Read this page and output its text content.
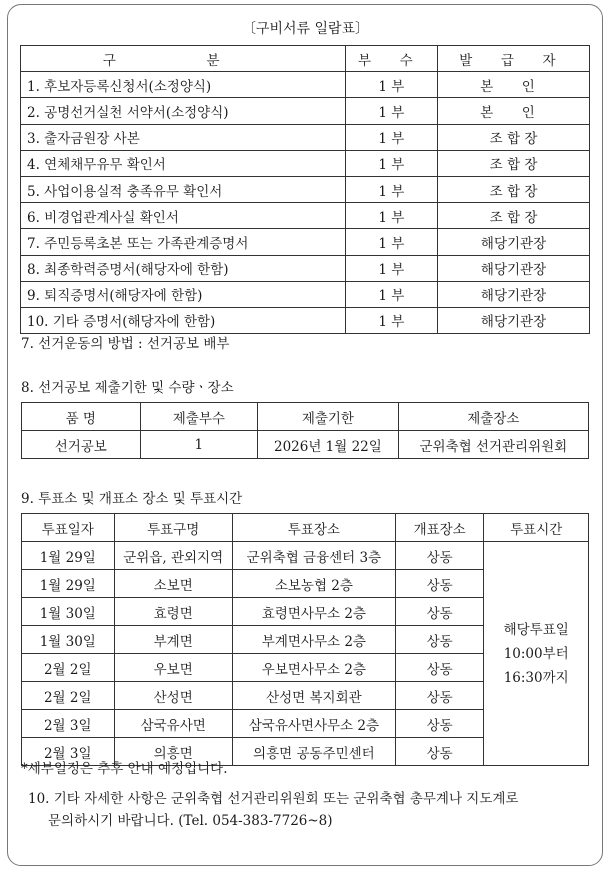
〔구비서류 일람표〕
구 분	부 수	발 급 자
1. 후보자등록신청서(소정양식)	1 부	본 인
2. 공명선거실천 서약서(소정양식)	1 부	본 인
3. 출자금원장 사본	1 부	조 합 장
4. 연체채무유무 확인서	1 부	조 합 장
5. 사업이용실적 충족유무 확인서	1 부	조 합 장
6. 비경업관계사실 확인서	1 부	조 합 장
7. 주민등록초본 또는 가족관계증명서	1 부	해당기관장
8. 최종학력증명서(해당자에 한함)	1 부	해당기관장
9. 퇴직증명서(해당자에 한함)	1 부	해당기관장
10. 기타 증명서(해당자에 한함)	1 부	해당기관장
7. 선거운동의 방법 : 선거공보 배부
8. 선거공보 제출기한 및 수량ㆍ장소
품 명	제출부수	제출기한	제출장소
선거공보	1	2026년 1월 22일	군위축협 선거관리위원회
9. 투표소 및 개표소 장소 및 투표시간
투표일자	투표구명	투표장소	개표장소	투표시간
1월 29일	군위읍, 관외지역	군위축협 금융센터 3층	상동	해당투표일
10:00부터
16:30까지

1월 29일	소보면	소보농협 2층	상동	
1월 30일	효령면	효령면사무소 2층	상동	
1월 30일	부계면	부계면사무소 2층	상동	
2월 2일	우보면	우보면사무소 2층	상동	
2월 2일	산성면	산성면 복지회관	상동	
2월 3일	삼국유사면	삼국유사면사무소 2층	상동	
2월 3일	의흥면	의흥면 공동주민센터	상동	
*세부일정은 추후 안내 예정입니다.
10. 기타 자세한 사항은 군위축협 선거관리위원회 또는 군위축협 총무계나 지도계로
문의하시기 바랍니다. (Tel. 054-383-7726~8)
